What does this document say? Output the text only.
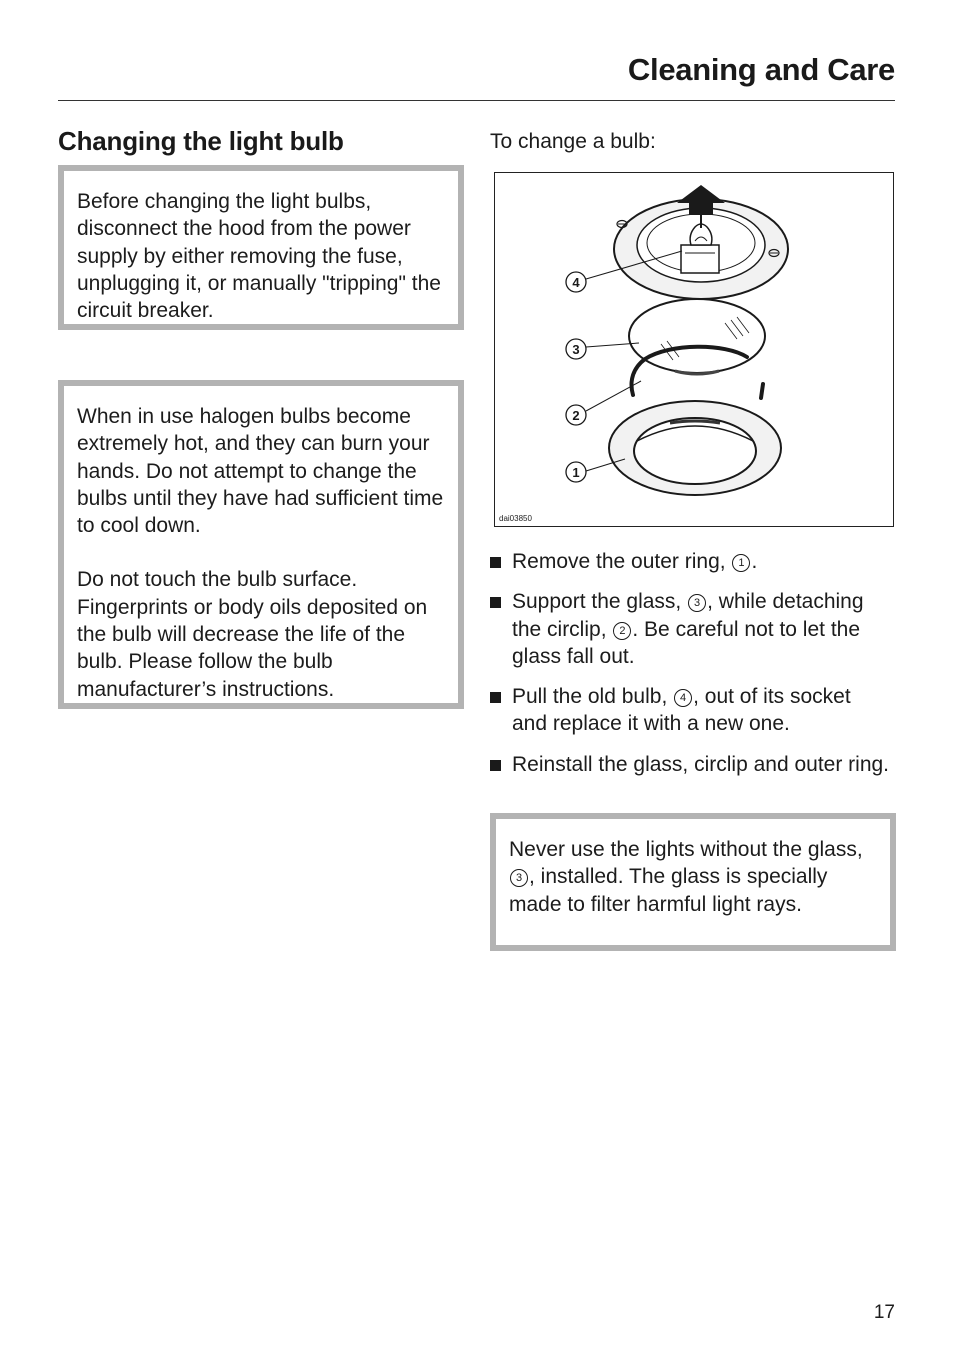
Cleaning and Care
Changing the light bulb

Before changing the light bulbs, disconnect the hood from the power supply by either removing the fuse, unplugging it, or manually "tripping" the circuit breaker.

When in use halogen bulbs become extremely hot, and they can burn your hands. Do not attempt to change the bulbs until they have had sufficient time to cool down.

Do not touch the bulb surface. Fingerprints or body oils deposited on the bulb will decrease the life of the bulb. Please follow the bulb manufacturer’s instructions.

To change a bulb:

4
3
2
1
dai03850
Remove the outer ring, 1 .
Support the glass, 3 , while detaching the circlip, 2 . Be careful not to let the glass fall out.
Pull the old bulb, 4 , out of its socket and replace it with a new one.
Reinstall the glass, circlip and outer ring.

Never use the lights without the glass, 3 , installed. The glass is specially made to filter harmful light rays.

17
